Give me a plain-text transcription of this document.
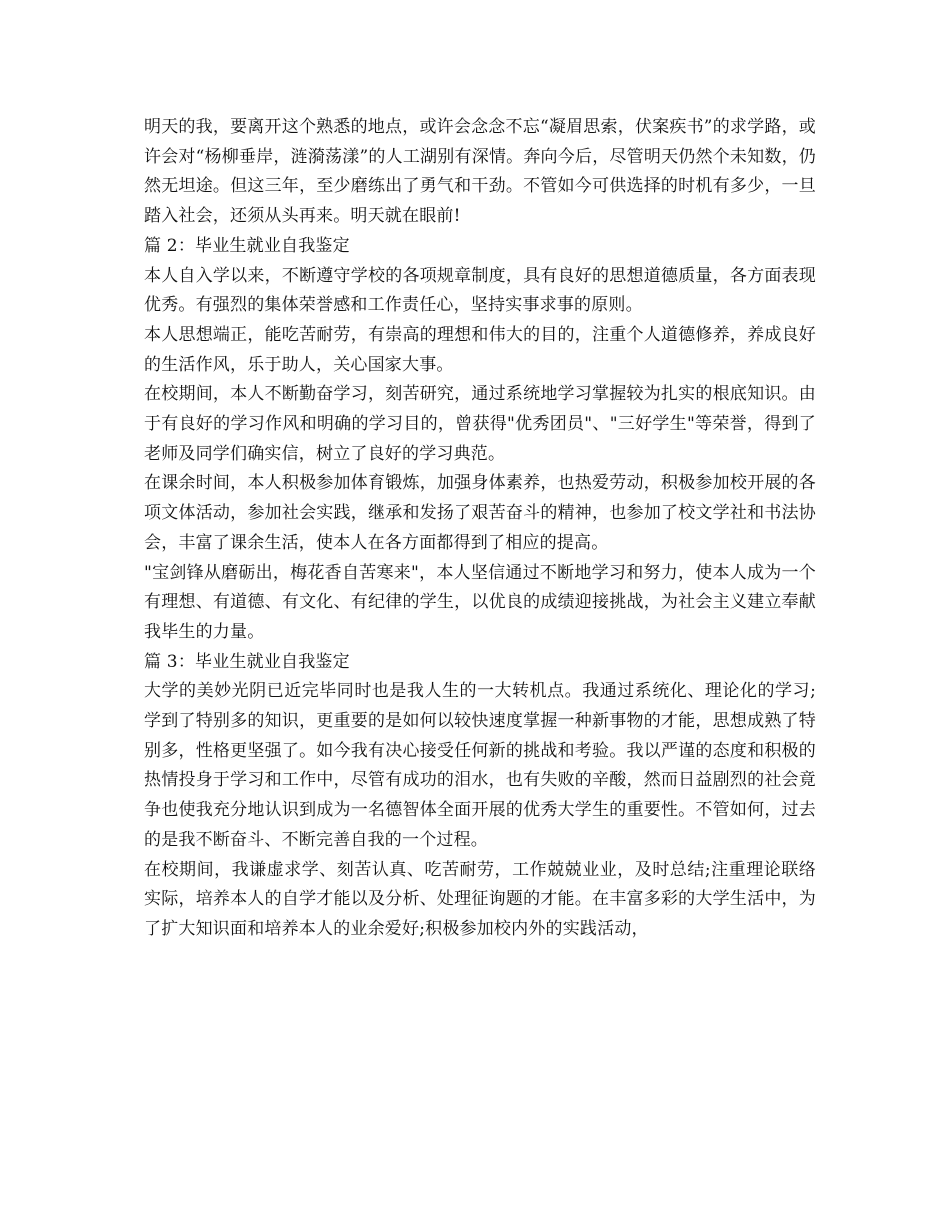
明天的我，要离开这个熟悉的地点，或许会念念不忘“凝眉思索，伏案疾书”的求学路，或许会对“杨柳垂岸，涟漪荡漾”的人工湖别有深情。奔向今后，尽管明天仍然个未知数，仍然无坦途。但这三年，至少磨练出了勇气和干劲。不管如今可供选择的时机有多少，一旦踏入社会，还须从头再来。明天就在眼前!

篇 2：毕业生就业自我鉴定

本人自入学以来，不断遵守学校的各项规章制度，具有良好的思想道德质量，各方面表现优秀。有强烈的集体荣誉感和工作责任心，坚持实事求事的原则。

本人思想端正，能吃苦耐劳，有崇高的理想和伟大的目的，注重个人道德修养，养成良好的生活作风，乐于助人，关心国家大事。

在校期间，本人不断勤奋学习，刻苦研究，通过系统地学习掌握较为扎实的根底知识。由于有良好的学习作风和明确的学习目的，曾获得"优秀团员"、"三好学生"等荣誉，得到了老师及同学们确实信，树立了良好的学习典范。

在课余时间，本人积极参加体育锻炼，加强身体素养，也热爱劳动，积极参加校开展的各项文体活动，参加社会实践，继承和发扬了艰苦奋斗的精神，也参加了校文学社和书法协会，丰富了课余生活，使本人在各方面都得到了相应的提高。

"宝剑锋从磨砺出，梅花香自苦寒来"，本人坚信通过不断地学习和努力，使本人成为一个有理想、有道德、有文化、有纪律的学生，以优良的成绩迎接挑战，为社会主义建立奉献我毕生的力量。

篇 3：毕业生就业自我鉴定

大学的美妙光阴已近完毕同时也是我人生的一大转机点。我通过系统化、理论化的学习;学到了特别多的知识，更重要的是如何以较快速度掌握一种新事物的才能，思想成熟了特别多，性格更坚强了。如今我有决心接受任何新的挑战和考验。我以严谨的态度和积极的热情投身于学习和工作中，尽管有成功的泪水，也有失败的辛酸，然而日益剧烈的社会竟争也使我充分地认识到成为一名德智体全面开展的优秀大学生的重要性。不管如何，过去的是我不断奋斗、不断完善自我的一个过程。

在校期间，我谦虚求学、刻苦认真、吃苦耐劳，工作兢兢业业，及时总结;注重理论联络实际，培养本人的自学才能以及分析、处理征询题的才能。在丰富多彩的大学生活中，为了扩大知识面和培养本人的业余爱好;积极参加校内外的实践活动，
